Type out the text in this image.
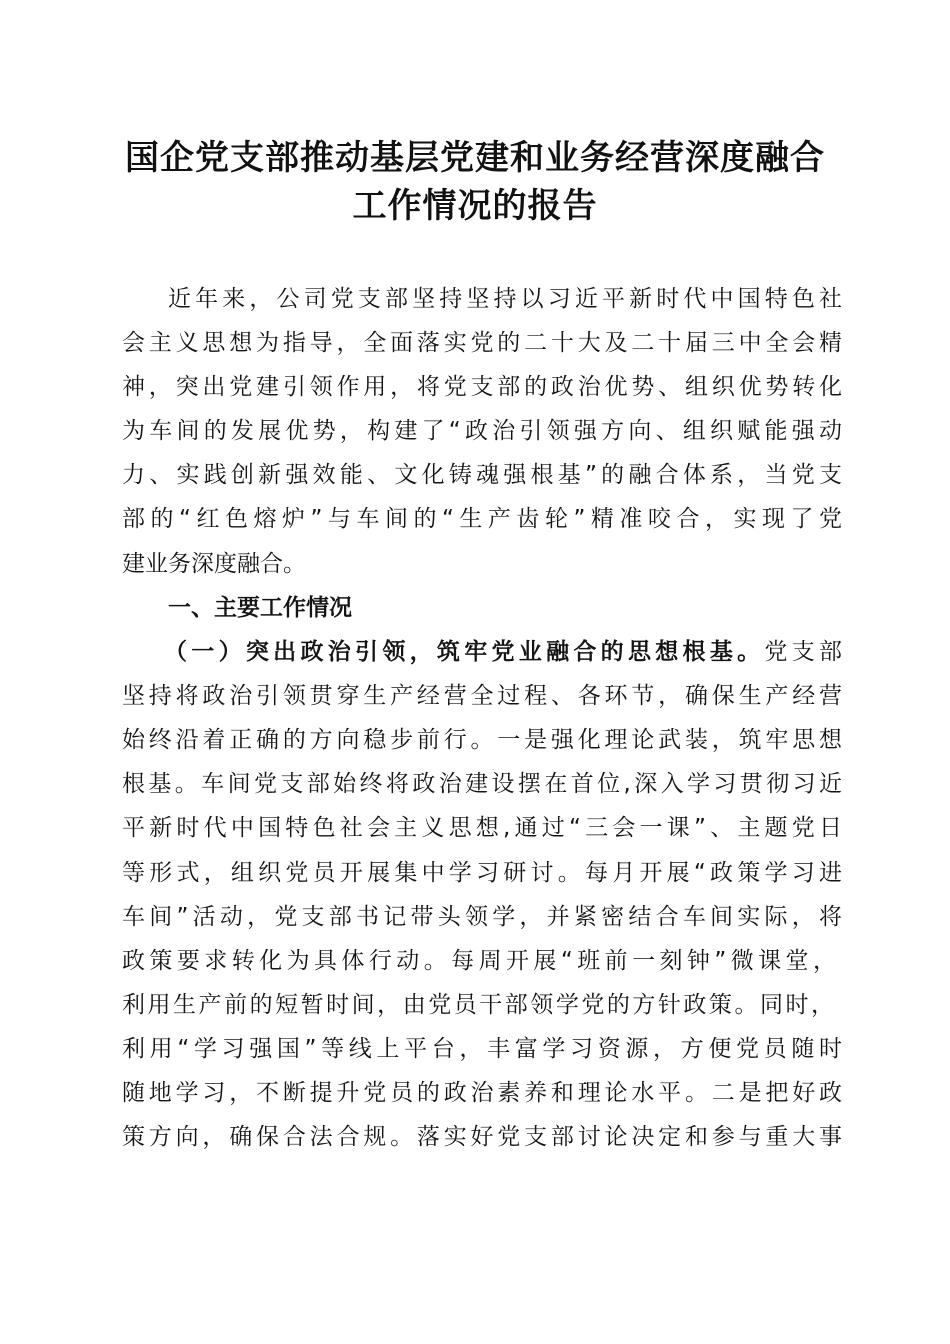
国企党支部推动基层党建和业务经营深度融合
工作情况的报告
近年来，公司党支部坚持坚持以习近平新时代中国特色社
会主义思想为指导，全面落实党的二十大及二十届三中全会精
神，突出党建引领作用，将党支部的政治优势、组织优势转化
为车间的发展优势，构建了“政治引领强方向、组织赋能强动
力、实践创新强效能、文化铸魂强根基”的融合体系，当党支
部的“红色熔炉”与车间的“生产齿轮”精准咬合，实现了党
建业务深度融合。
一、主要工作情况
（一）突出政治引领，筑牢党业融合的思想根基。党支部
坚持将政治引领贯穿生产经营全过程、各环节，确保生产经营
始终沿着正确的方向稳步前行。一是强化理论武装，筑牢思想
根基。车间党支部始终将政治建设摆在首位,深入学习贯彻习近
平新时代中国特色社会主义思想,通过“三会一课”、主题党日
等形式，组织党员开展集中学习研讨。每月开展“政策学习进
车间”活动，党支部书记带头领学，并紧密结合车间实际，将
政策要求转化为具体行动。每周开展“班前一刻钟”微课堂，
利用生产前的短暂时间，由党员干部领学党的方针政策。同时，
利用“学习强国”等线上平台，丰富学习资源，方便党员随时
随地学习，不断提升党员的政治素养和理论水平。二是把好政
策方向，确保合法合规。落实好党支部讨论决定和参与重大事
